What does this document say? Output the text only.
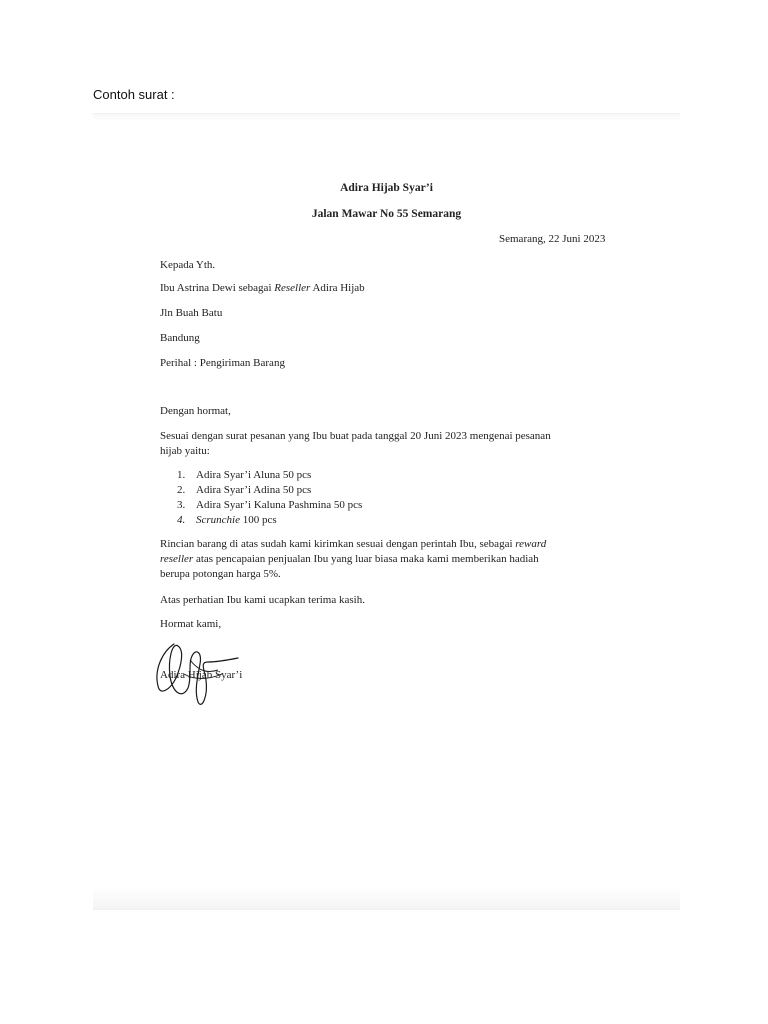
Contoh surat :
Adira Hijab Syar’i
Jalan Mawar No 55 Semarang
Semarang, 22 Juni 2023
Kepada Yth.
Ibu Astrina Dewi sebagai Reseller Adira Hijab
Jln Buah Batu
Bandung
Perihal : Pengiriman Barang
Dengan hormat,
Sesuai dengan surat pesanan yang Ibu buat pada tanggal 20 Juni 2023 mengenai pesanan
hijab yaitu:
1. Adira Syar’i Aluna 50 pcs
2. Adira Syar’i Adina 50 pcs
3. Adira Syar’i Kaluna Pashmina 50 pcs
4. Scrunchie 100 pcs
Rincian barang di atas sudah kami kirimkan sesuai dengan perintah Ibu, sebagai reward
reseller atas pencapaian penjualan Ibu yang luar biasa maka kami memberikan hadiah
berupa potongan harga 5%.
Atas perhatian Ibu kami ucapkan terima kasih.
Hormat kami,
Adira Hijab Syar’i
